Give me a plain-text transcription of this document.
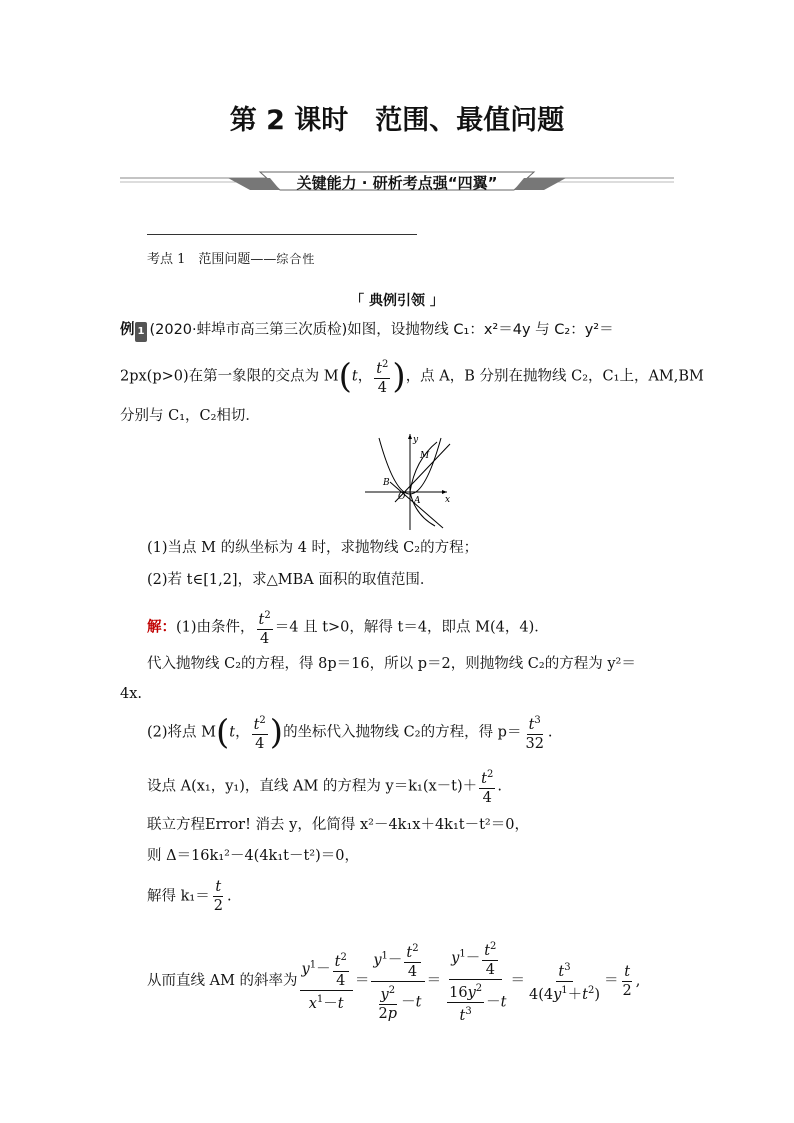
第 2 课时　范围、最值问题
关键能力 · 研析考点强“四翼”
考点 1　范围问题——综合性
「 典例引领 」
例 1 (2020·蚌埠市高三第三次质检)如图，设抛物线 C₁：x²＝4y 与 C₂：y²＝
2px(p>0)在第一象限的交点为 M(t， $\frac{t^2}{4}$ )，点 A，B 分别在抛物线 C₂，C₁上，AM,BM
分别与 C₁，C₂相切．
y
x
M
B
O A
(1)当点 M 的纵坐标为 4 时，求抛物线 C₂的方程；
(2)若 t∈[1,2]，求△MBA 面积的取值范围．
解：(1)由条件， $\frac{t^2}{4} =4$ 且 t>0，解得 t＝4，即点 M(4，4)．
代入抛物线 C₂的方程，得 8p＝16，所以 p＝2，则抛物线 C₂的方程为 y²＝
4x.
(2)将点 M(t， $\frac{t^2}{4}$ )的坐标代入抛物线 C₂的方程，得 $p= \frac{t^3}{32}$ .
设点 A(x₁，y₁)，直线 AM 的方程为 $y=k_1(x-t)+ \frac{t^2}{4}$ .
联立方程Error! 消去 y，化简得 x²－4k₁x＋4k₁t－t²＝0，
则 Δ＝16k₁²－4(4k₁t－t²)＝0，
解得 $k_1= \frac{t}{2}$ .
从而直线 AM 的斜率为 $\frac{y^1- \frac{t^2}{4}}{x^1-t} = \frac{y^1- \frac{t^2}{4}}{\frac{y^2}{2p} -t} = \frac{y^1- \frac{t^2}{4}}{\frac{16y^2}{t^3} -t} = \frac{t^3}{4(4y^1+t^2)} = \frac{t}{2}$ ,
